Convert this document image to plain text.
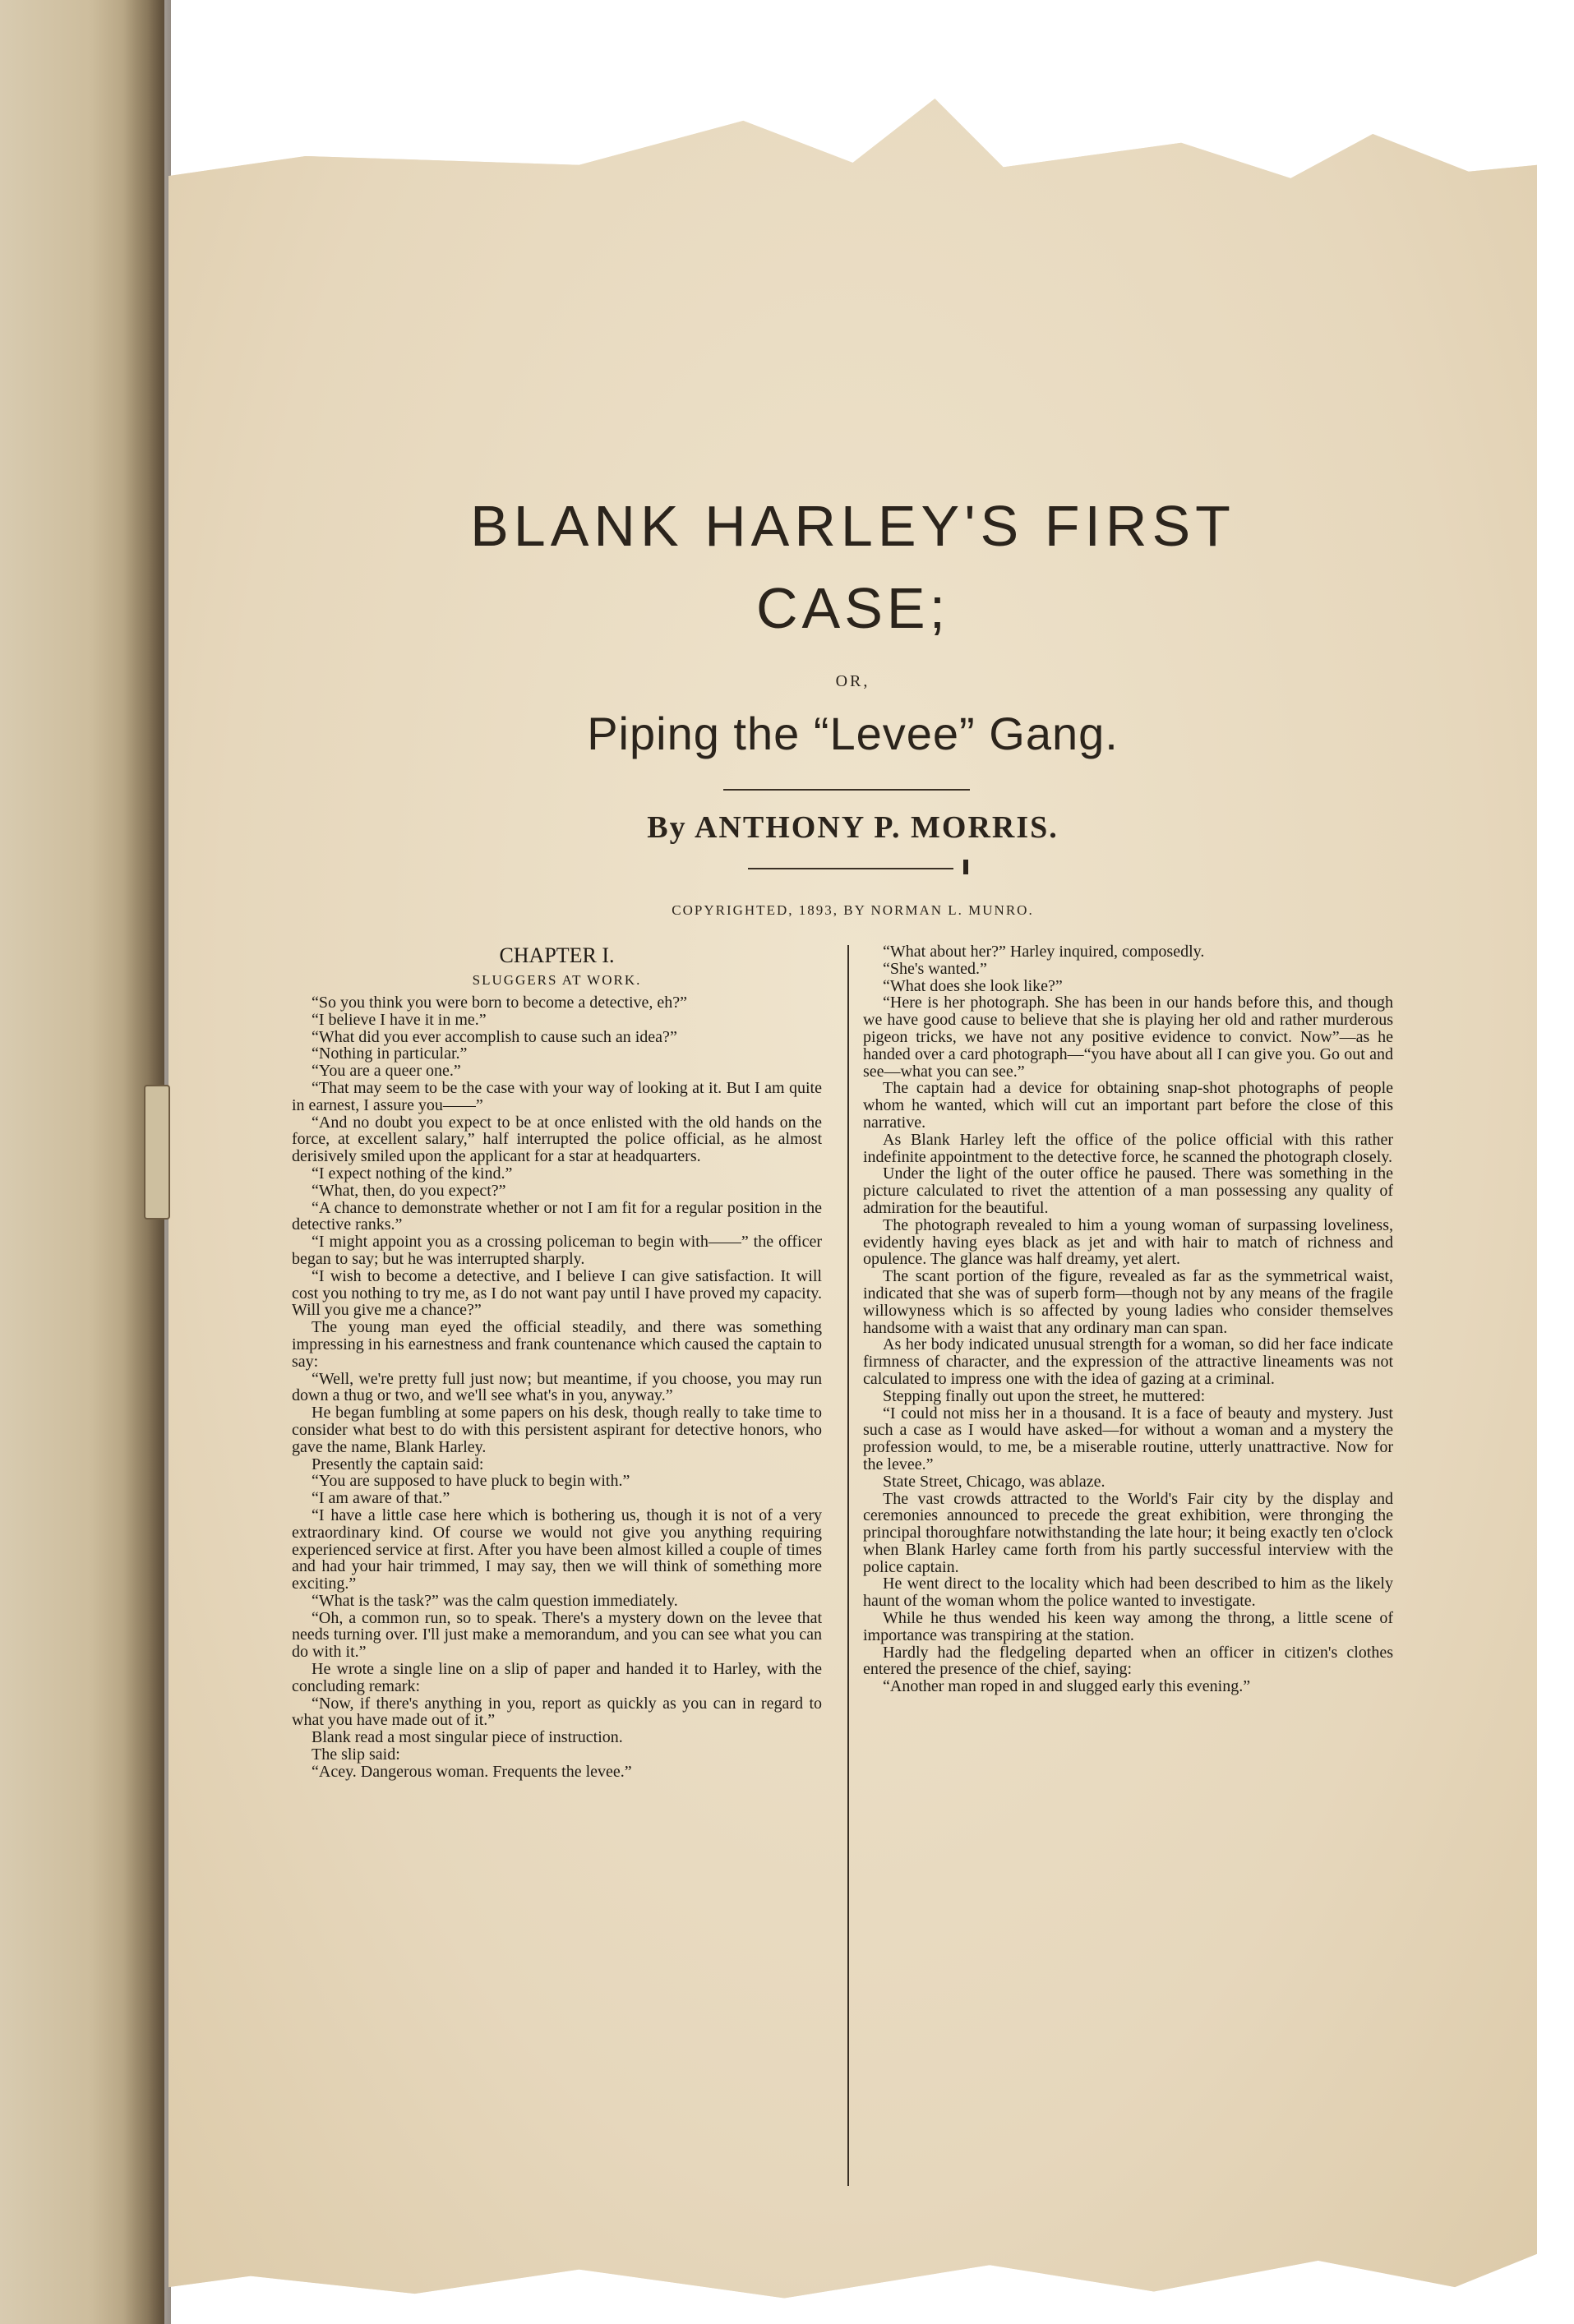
BLANK HARLEY'S FIRST
CASE;
OR,
Piping the “Levee” Gang.
By ANTHONY P. MORRIS.
COPYRIGHTED, 1893, BY NORMAN L. MUNRO.
CHAPTER I.
SLUGGERS AT WORK.

“So you think you were born to become a detective, eh?”

“I believe I have it in me.”

“What did you ever accomplish to cause such an idea?”

“Nothing in particular.”

“You are a queer one.”

“That may seem to be the case with your way of looking at it. But I am quite in earnest, I assure you——”

“And no doubt you expect to be at once enlisted with the old hands on the force, at excellent salary,” half interrupted the police official, as he almost derisively smiled upon the applicant for a star at headquarters.

“I expect nothing of the kind.”

“What, then, do you expect?”

“A chance to demonstrate whether or not I am fit for a regular position in the detective ranks.”

“I might appoint you as a crossing policeman to begin with——” the officer began to say; but he was interrupted sharply.

“I wish to become a detective, and I believe I can give satisfaction. It will cost you nothing to try me, as I do not want pay until I have proved my capacity. Will you give me a chance?”

The young man eyed the official steadily, and there was something impressing in his earnestness and frank countenance which caused the captain to say:

“Well, we're pretty full just now; but meantime, if you choose, you may run down a thug or two, and we'll see what's in you, anyway.”

He began fumbling at some papers on his desk, though really to take time to consider what best to do with this persistent aspirant for detective honors, who gave the name, Blank Harley.

Presently the captain said:

“You are supposed to have pluck to begin with.”

“I am aware of that.”

“I have a little case here which is bothering us, though it is not of a very extraordinary kind. Of course we would not give you anything requiring experienced service at first. After you have been almost killed a couple of times and had your hair trimmed, I may say, then we will think of something more exciting.”

“What is the task?” was the calm question immediately.

“Oh, a common run, so to speak. There's a mystery down on the levee that needs turning over. I'll just make a memorandum, and you can see what you can do with it.”

He wrote a single line on a slip of paper and handed it to Harley, with the concluding remark:

“Now, if there's anything in you, report as quickly as you can in regard to what you have made out of it.”

Blank read a most singular piece of instruction.

The slip said:

“Acey. Dangerous woman. Frequents the levee.”

“What about her?” Harley inquired, composedly.

“She's wanted.”

“What does she look like?”

“Here is her photograph. She has been in our hands before this, and though we have good cause to believe that she is playing her old and rather murderous pigeon tricks, we have not any positive evidence to convict. Now”—as he handed over a card photograph—“you have about all I can give you. Go out and see—what you can see.”

The captain had a device for obtaining snap-shot photographs of people whom he wanted, which will cut an important part before the close of this narrative.

As Blank Harley left the office of the police official with this rather indefinite appointment to the detective force, he scanned the photograph closely.

Under the light of the outer office he paused. There was something in the picture calculated to rivet the attention of a man possessing any quality of admiration for the beautiful.

The photograph revealed to him a young woman of surpassing loveliness, evidently having eyes black as jet and with hair to match of richness and opulence. The glance was half dreamy, yet alert.

The scant portion of the figure, revealed as far as the symmetrical waist, indicated that she was of superb form—though not by any means of the fragile willowyness which is so affected by young ladies who consider themselves handsome with a waist that any ordinary man can span.

As her body indicated unusual strength for a woman, so did her face indicate firmness of character, and the expression of the attractive lineaments was not calculated to impress one with the idea of gazing at a criminal.

Stepping finally out upon the street, he muttered:

“I could not miss her in a thousand. It is a face of beauty and mystery. Just such a case as I would have asked—for without a woman and a mystery the profession would, to me, be a miserable routine, utterly unattractive. Now for the levee.”

State Street, Chicago, was ablaze.

The vast crowds attracted to the World's Fair city by the display and ceremonies announced to precede the great exhibition, were thronging the principal thoroughfare notwithstanding the late hour; it being exactly ten o'clock when Blank Harley came forth from his partly successful interview with the police captain.

He went direct to the locality which had been described to him as the likely haunt of the woman whom the police wanted to investigate.

While he thus wended his keen way among the throng, a little scene of importance was transpiring at the station.

Hardly had the fledgeling departed when an officer in citizen's clothes entered the presence of the chief, saying:

“Another man roped in and slugged early this evening.”
